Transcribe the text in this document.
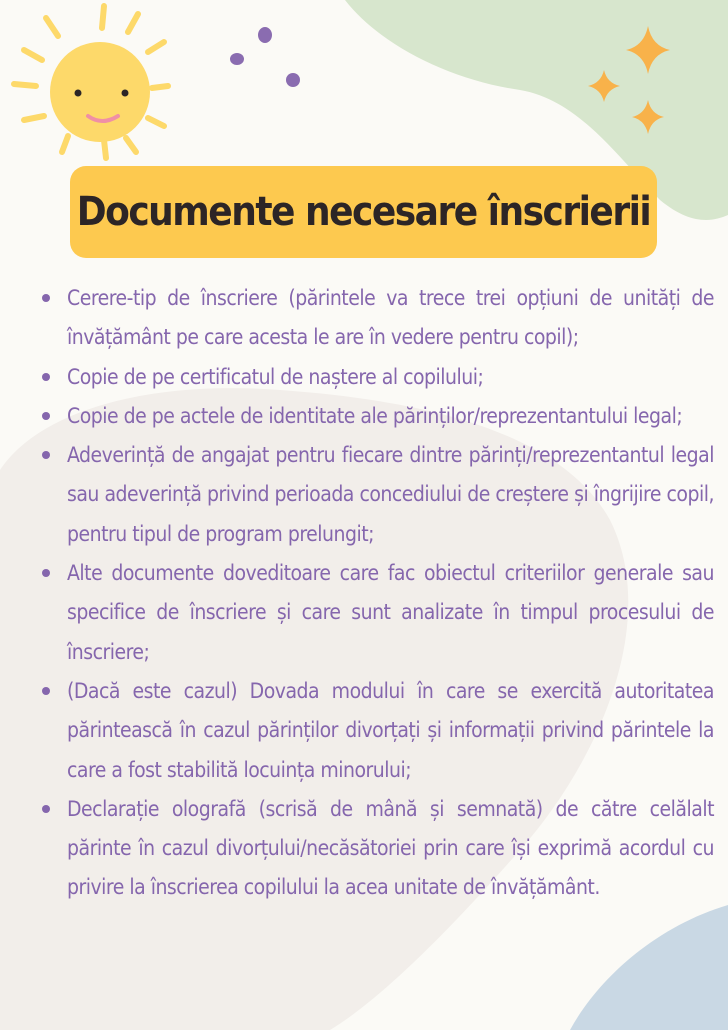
Documente necesare înscrierii
Cerere-tip de înscriere (părintele va trece trei opțiuni de unități de învățământ pe care acesta le are în vedere pentru copil);
Copie de pe certificatul de naștere al copilului;
Copie de pe actele de identitate ale părinților/reprezentantului legal;
Adeverință de angajat pentru fiecare dintre părinți/reprezentantul legal sau adeverință privind perioada concediului de creștere și îngrijire copil, pentru tipul de program prelungit;
Alte documente doveditoare care fac obiectul criteriilor generale sau specifice de înscriere și care sunt analizate în timpul procesului de înscriere;
(Dacă este cazul) Dovada modului în care se exercită autoritatea părintească în cazul părinților divorțați și informații privind părintele la care a fost stabilită locuința minorului;
Declarație olografă (scrisă de mână și semnată) de către celălalt părinte în cazul divorțului/necăsătoriei prin care își exprimă acordul cu privire la înscrierea copilului la acea unitate de învățământ.
